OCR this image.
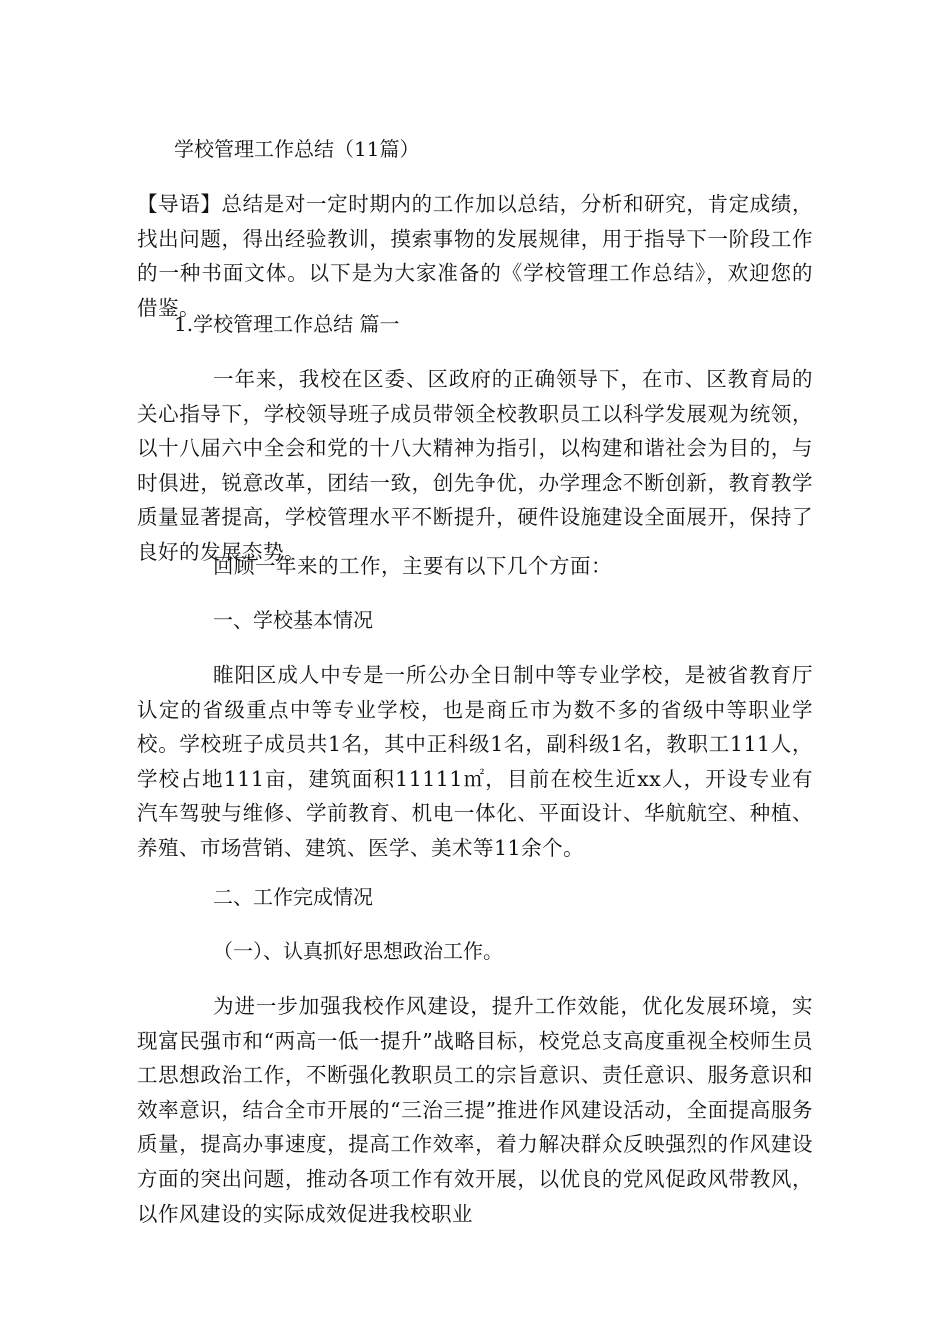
学校管理工作总结（11篇）

【导语】总结是对一定时期内的工作加以总结，分析和研究，肯定成绩，找出问题，得出经验教训，摸索事物的发展规律，用于指导下一阶段工作的一种书面文体。以下是为大家准备的《学校管理工作总结》，欢迎您的借鉴。

1.学校管理工作总结 篇一

一年来，我校在区委、区政府的正确领导下，在市、区教育局的关心指导下，学校领导班子成员带领全校教职员工以科学发展观为统领，以十八届六中全会和党的十八大精神为指引，以构建和谐社会为目的，与时俱进，锐意改革，团结一致，创先争优，办学理念不断创新，教育教学质量显著提高，学校管理水平不断提升，硬件设施建设全面展开，保持了良好的发展态势。

回顾一年来的工作，主要有以下几个方面：

一、学校基本情况

睢阳区成人中专是一所公办全日制中等专业学校，是被省教育厅认定的省级重点中等专业学校，也是商丘市为数不多的省级中等职业学校。学校班子成员共1名，其中正科级1名，副科级1名，教职工111人，学校占地111亩，建筑面积11111㎡，目前在校生近xx人，开设专业有汽车驾驶与维修、学前教育、机电一体化、平面设计、华航航空、种植、养殖、市场营销、建筑、医学、美术等11余个。

二、工作完成情况
（一）、认真抓好思想政治工作。

为进一步加强我校作风建设，提升工作效能，优化发展环境，实现富民强市和“两高一低一提升”战略目标，校党总支高度重视全校师生员工思想政治工作，不断强化教职员工的宗旨意识、责任意识、服务意识和效率意识，结合全市开展的“三治三提”推进作风建设活动，全面提高服务质量，提高办事速度，提高工作效率，着力解决群众反映强烈的作风建设方面的突出问题，推动各项工作有效开展，以优良的党风促政风带教风，以作风建设的实际成效促进我校职业
